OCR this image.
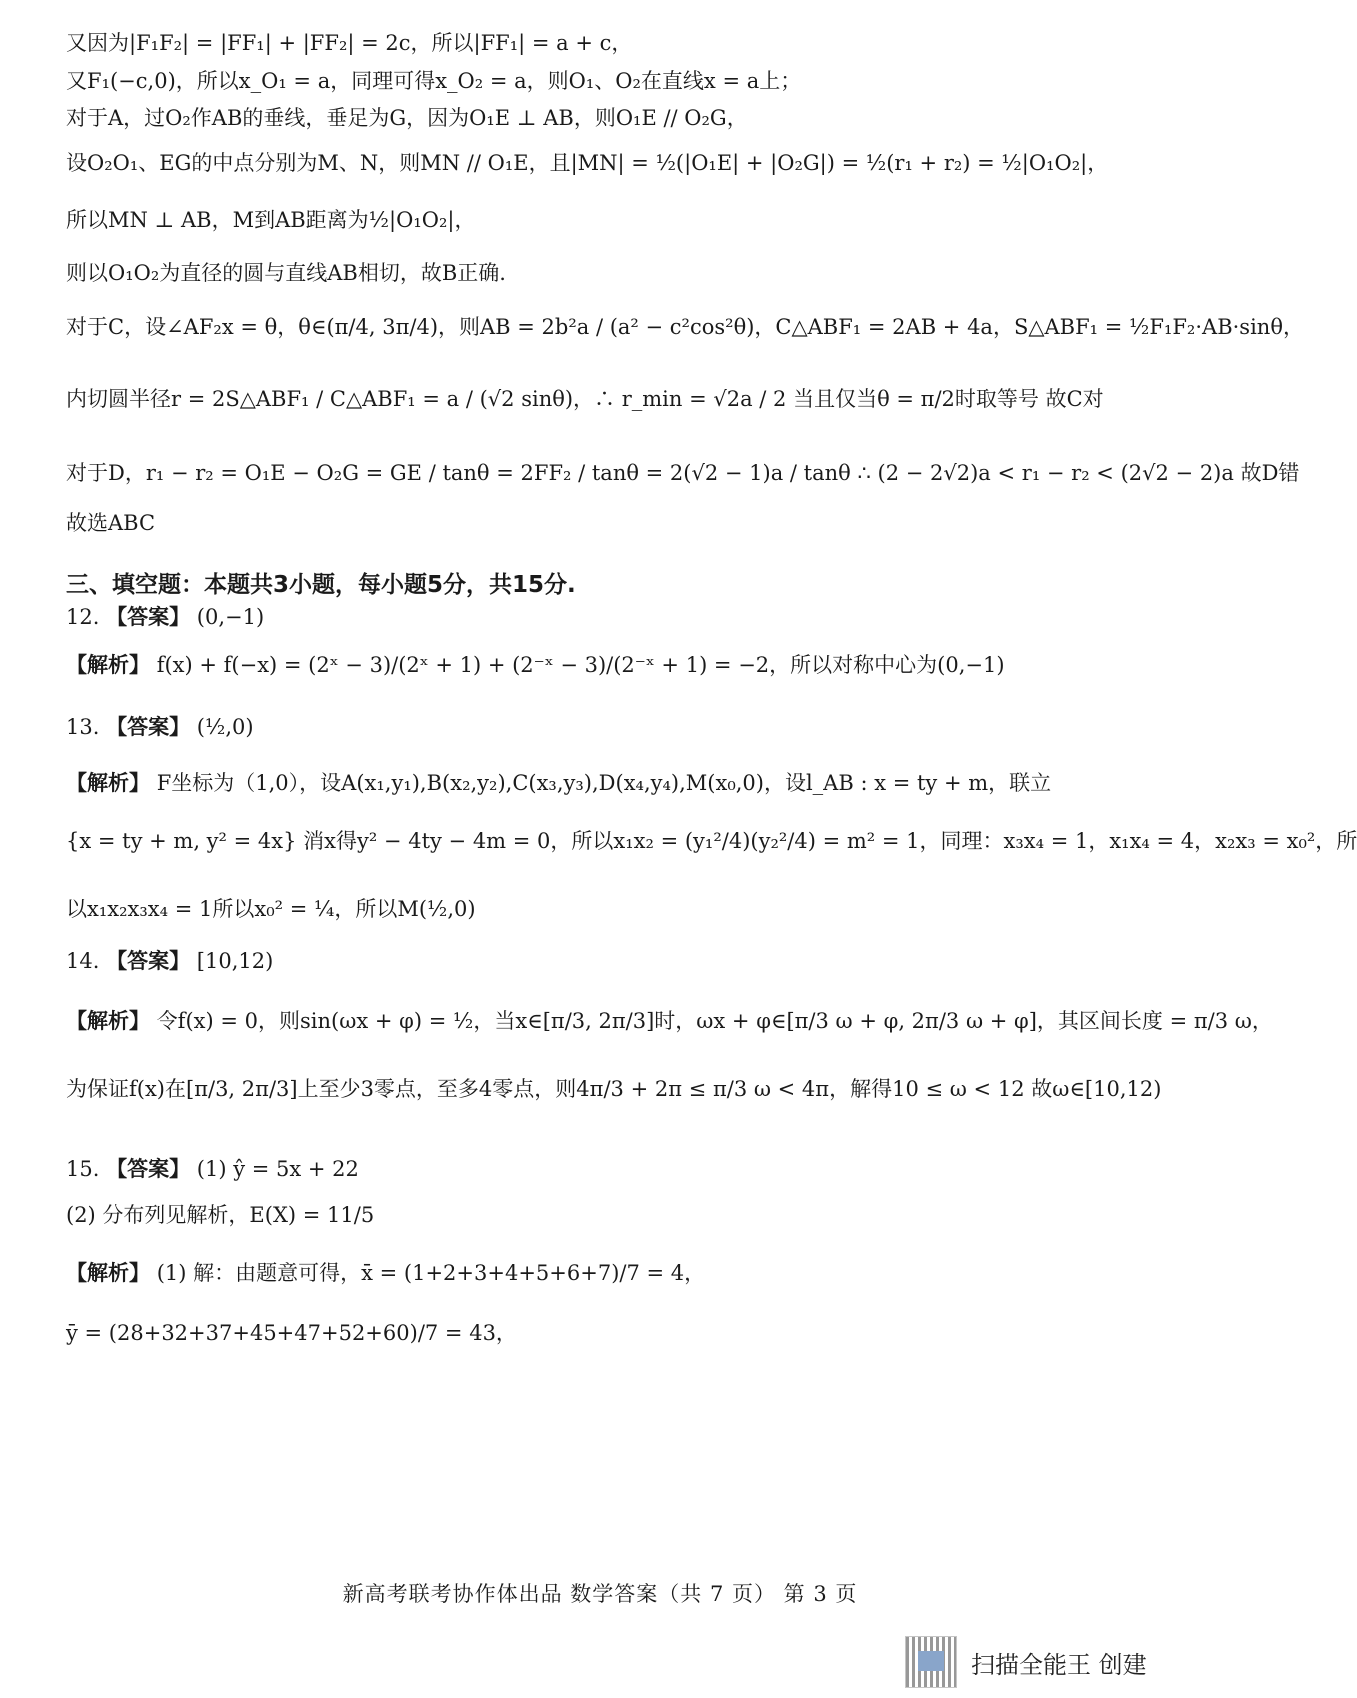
又因为|F₁F₂| = |FF₁| + |FF₂| = 2c，所以|FF₁| = a + c，
又F₁(−c,0)，所以x_O₁ = a，同理可得x_O₂ = a，则O₁、O₂在直线x = a上；
对于A，过O₂作AB的垂线，垂足为G，因为O₁E ⊥ AB，则O₁E // O₂G，
设O₂O₁、EG的中点分别为M、N，则MN // O₁E，且|MN| = ½(|O₁E| + |O₂G|) = ½(r₁ + r₂) = ½|O₁O₂|，
所以MN ⊥ AB，M到AB距离为½|O₁O₂|，
则以O₁O₂为直径的圆与直线AB相切，故B正确.
对于C，设∠AF₂x = θ，θ∈(π/4, 3π/4)，则AB = 2b²a / (a² − c²cos²θ)，C△ABF₁ = 2AB + 4a，S△ABF₁ = ½F₁F₂·AB·sinθ，
内切圆半径r = 2S△ABF₁ / C△ABF₁ = a / (√2 sinθ)，∴ r_min = √2a / 2 当且仅当θ = π/2时取等号 故C对
对于D，r₁ − r₂ = O₁E − O₂G = GE / tanθ = 2FF₂ / tanθ = 2(√2 − 1)a / tanθ ∴ (2 − 2√2)a < r₁ − r₂ < (2√2 − 2)a 故D错
故选ABC
三、填空题：本题共3小题，每小题5分，共15分.
12. 【答案】 (0,−1)
【解析】 f(x) + f(−x) = (2ˣ − 3)/(2ˣ + 1) + (2⁻ˣ − 3)/(2⁻ˣ + 1) = −2，所以对称中心为(0,−1)
13. 【答案】 (½,0)
【解析】 F坐标为（1,0），设A(x₁,y₁),B(x₂,y₂),C(x₃,y₃),D(x₄,y₄),M(x₀,0)，设l_AB : x = ty + m，联立
{x = ty + m, y² = 4x} 消x得y² − 4ty − 4m = 0，所以x₁x₂ = (y₁²/4)(y₂²/4) = m² = 1，同理：x₃x₄ = 1，x₁x₄ = 4，x₂x₃ = x₀²，所
以x₁x₂x₃x₄ = 1所以x₀² = ¼，所以M(½,0)
14. 【答案】 [10,12)
【解析】 令f(x) = 0，则sin(ωx + φ) = ½，当x∈[π/3, 2π/3]时，ωx + φ∈[π/3 ω + φ, 2π/3 ω + φ]，其区间长度 = π/3 ω，
为保证f(x)在[π/3, 2π/3]上至少3零点，至多4零点，则4π/3 + 2π ≤ π/3 ω < 4π，解得10 ≤ ω < 12 故ω∈[10,12)
15. 【答案】 (1) ŷ = 5x + 22
(2) 分布列见解析，E(X) = 11/5
【解析】 (1) 解：由题意可得，x̄ = (1+2+3+4+5+6+7)/7 = 4，
ȳ = (28+32+37+45+47+52+60)/7 = 43，
新高考联考协作体出品 数学答案（共 7 页） 第 3 页
扫描全能王 创建
